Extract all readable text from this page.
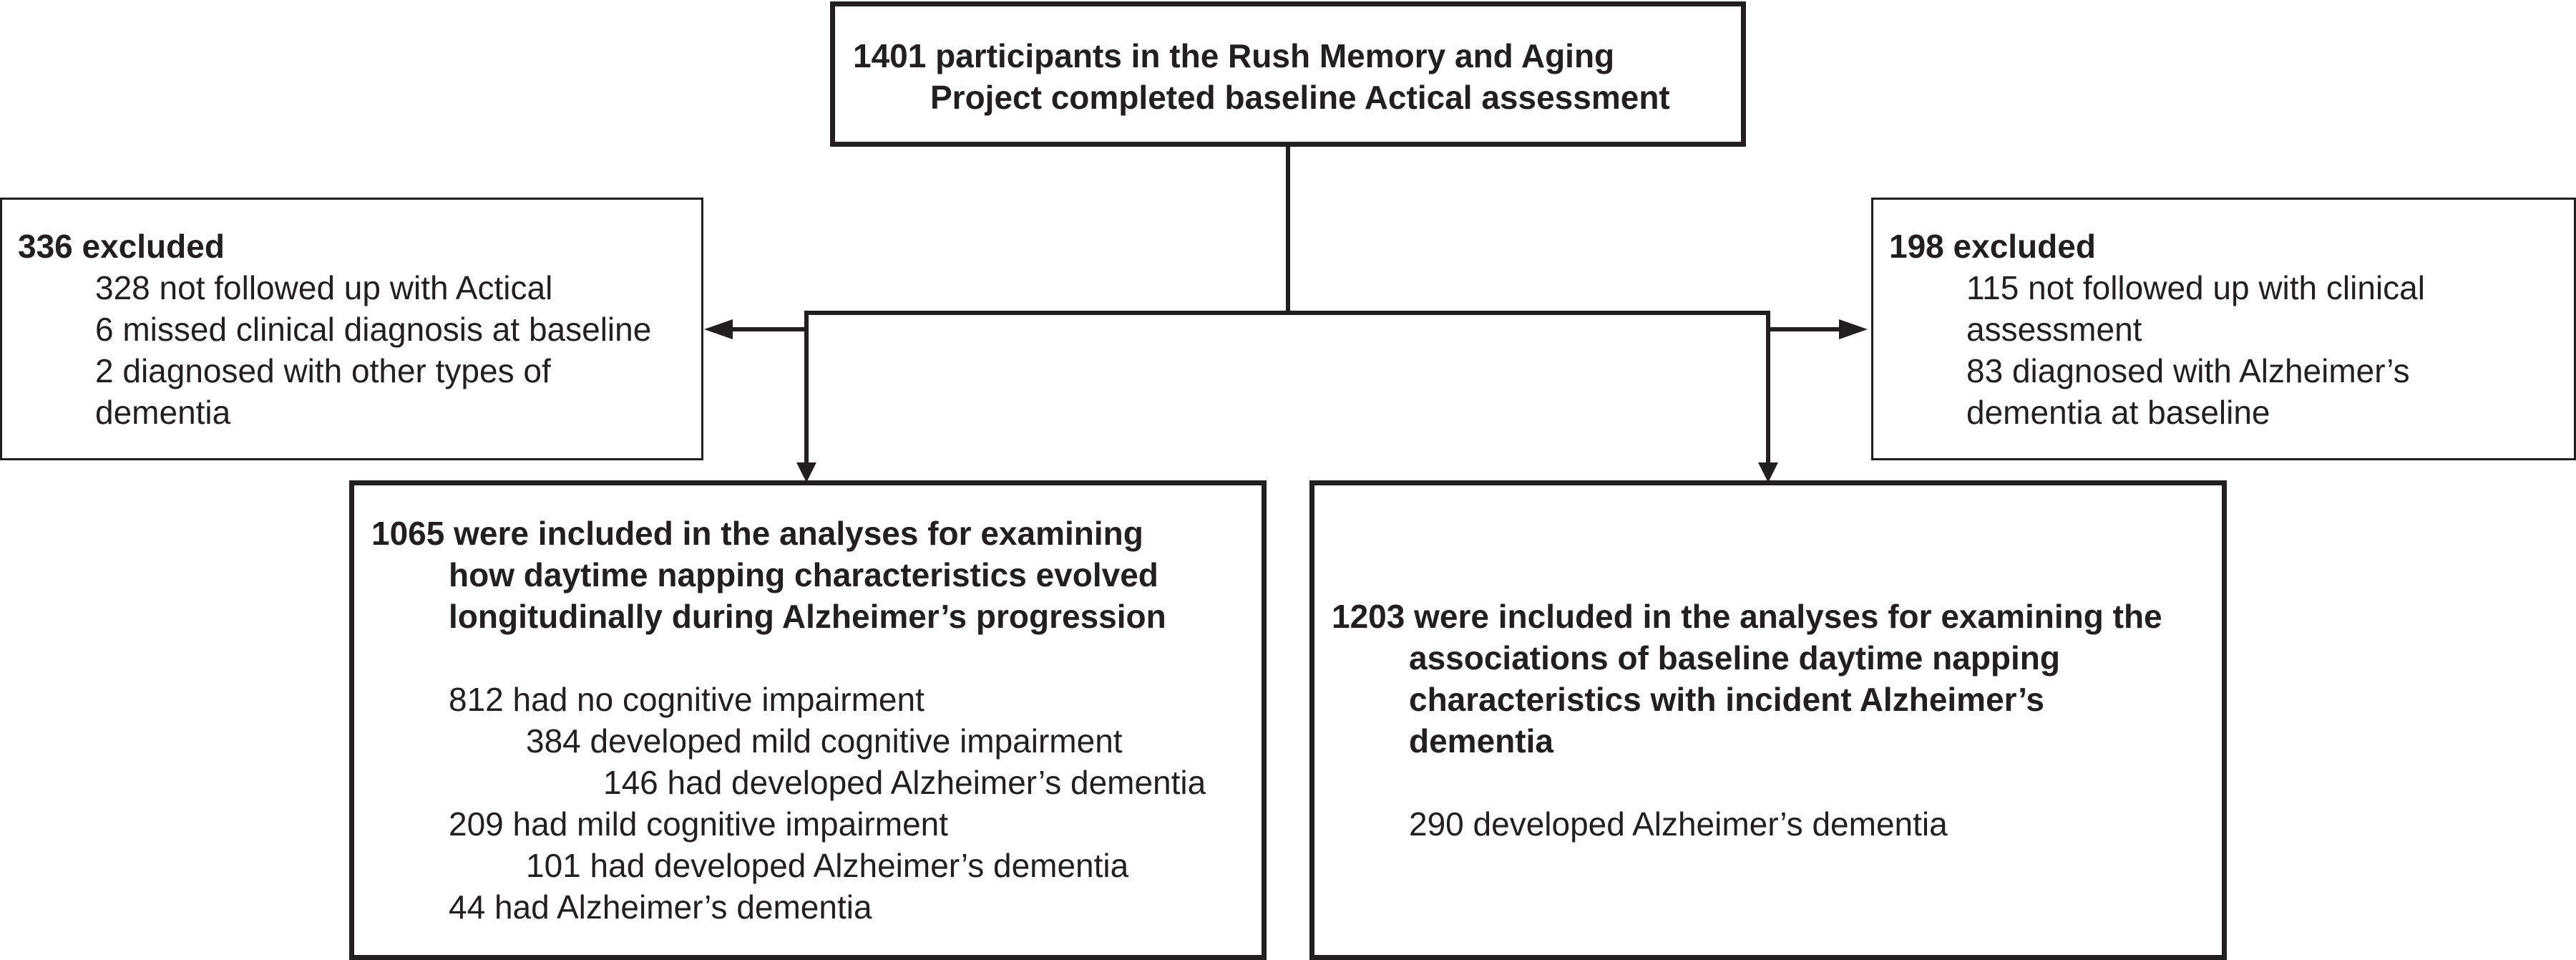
1401 participants in the Rush Memory and Aging
Project completed baseline Actical assessment
336 excluded
328 not followed up with Actical
6 missed clinical diagnosis at baseline
2 diagnosed with other types of
dementia
198 excluded
115 not followed up with clinical
assessment
83 diagnosed with Alzheimer’s
dementia at baseline
1065 were included in the analyses for examining
how daytime napping characteristics evolved
longitudinally during Alzheimer’s progression

812 had no cognitive impairment
384 developed mild cognitive impairment
146 had developed Alzheimer’s dementia
209 had mild cognitive impairment
101 had developed Alzheimer’s dementia
44 had Alzheimer’s dementia
1203 were included in the analyses for examining the
associations of baseline daytime napping
characteristics with incident Alzheimer’s
dementia

290 developed Alzheimer’s dementia
